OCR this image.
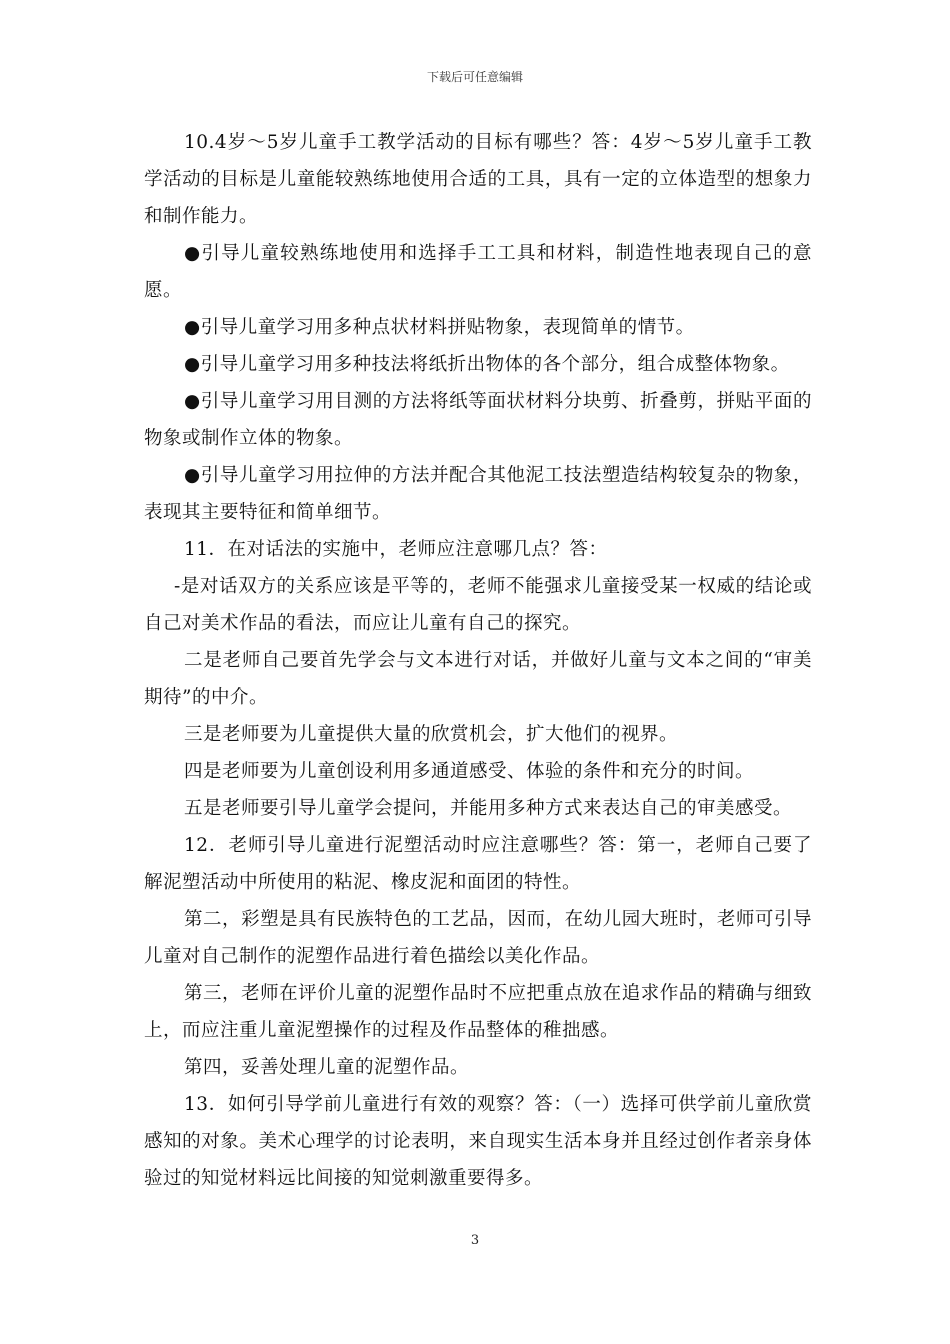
下载后可任意编辑

10.4岁～5岁儿童手工教学活动的目标有哪些？答：4岁～5岁儿童手工教学活动的目标是儿童能较熟练地使用合适的工具，具有一定的立体造型的想象力和制作能力。

●引导儿童较熟练地使用和选择手工工具和材料，制造性地表现自己的意愿。

●引导儿童学习用多种点状材料拼贴物象，表现简单的情节。

●引导儿童学习用多种技法将纸折出物体的各个部分，组合成整体物象。

●引导儿童学习用目测的方法将纸等面状材料分块剪、折叠剪，拼贴平面的物象或制作立体的物象。

●引导儿童学习用拉伸的方法并配合其他泥工技法塑造结构较复杂的物象，表现其主要特征和简单细节。

11．在对话法的实施中，老师应注意哪几点？答：

-是对话双方的关系应该是平等的，老师不能强求儿童接受某一权威的结论或自己对美术作品的看法，而应让儿童有自己的探究。

二是老师自己要首先学会与文本进行对话，并做好儿童与文本之间的“审美期待”的中介。

三是老师要为儿童提供大量的欣赏机会，扩大他们的视界。

四是老师要为儿童创设利用多通道感受、体验的条件和充分的时间。

五是老师要引导儿童学会提问，并能用多种方式来表达自己的审美感受。

12．老师引导儿童进行泥塑活动时应注意哪些？答：第一，老师自己要了解泥塑活动中所使用的粘泥、橡皮泥和面团的特性。

第二，彩塑是具有民族特色的工艺品，因而，在幼儿园大班时，老师可引导儿童对自己制作的泥塑作品进行着色描绘以美化作品。

第三，老师在评价儿童的泥塑作品时不应把重点放在追求作品的精确与细致上，而应注重儿童泥塑操作的过程及作品整体的稚拙感。

第四，妥善处理儿童的泥塑作品。

13．如何引导学前儿童进行有效的观察？答：（一）选择可供学前儿童欣赏感知的对象。美术心理学的讨论表明，来自现实生活本身并且经过创作者亲身体验过的知觉材料远比间接的知觉刺激重要得多。

3
